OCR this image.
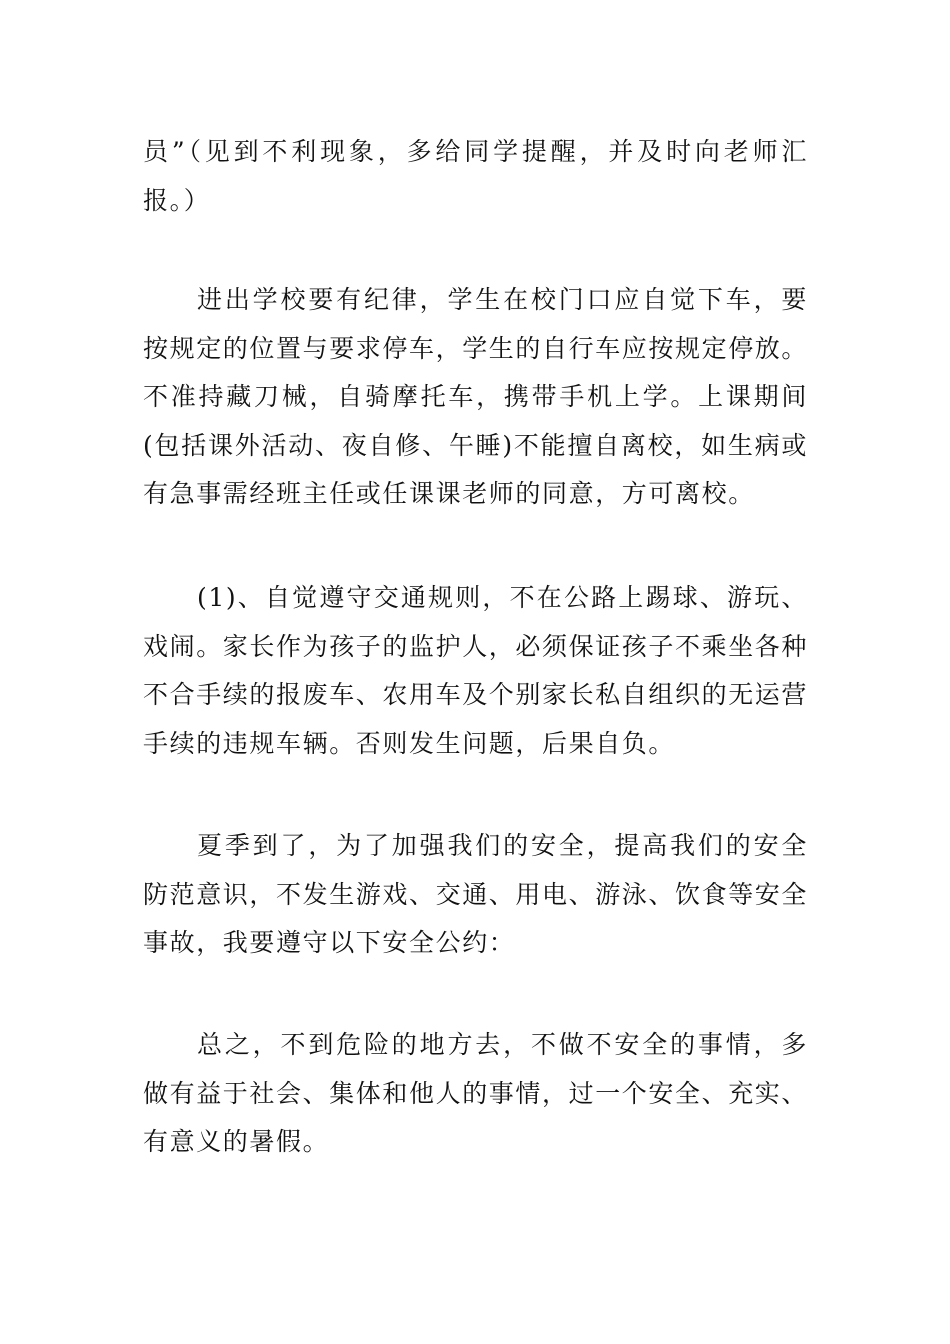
员”（见到不利现象，多给同学提醒，并及时向老师汇报。）

进出学校要有纪律，学生在校门口应自觉下车，要按规定的位置与要求停车，学生的自行车应按规定停放。不准持藏刀械，自骑摩托车，携带手机上学。上课期间(包括课外活动、夜自修、午睡)不能擅自离校，如生病或有急事需经班主任或任课课老师的同意，方可离校。

(1)、自觉遵守交通规则，不在公路上踢球、游玩、戏闹。家长作为孩子的监护人，必须保证孩子不乘坐各种不合手续的报废车、农用车及个别家长私自组织的无运营手续的违规车辆。否则发生问题，后果自负。

夏季到了，为了加强我们的安全，提高我们的安全防范意识，不发生游戏、交通、用电、游泳、饮食等安全事故，我要遵守以下安全公约：

总之，不到危险的地方去，不做不安全的事情，多做有益于社会、集体和他人的事情，过一个安全、充实、有意义的暑假。
